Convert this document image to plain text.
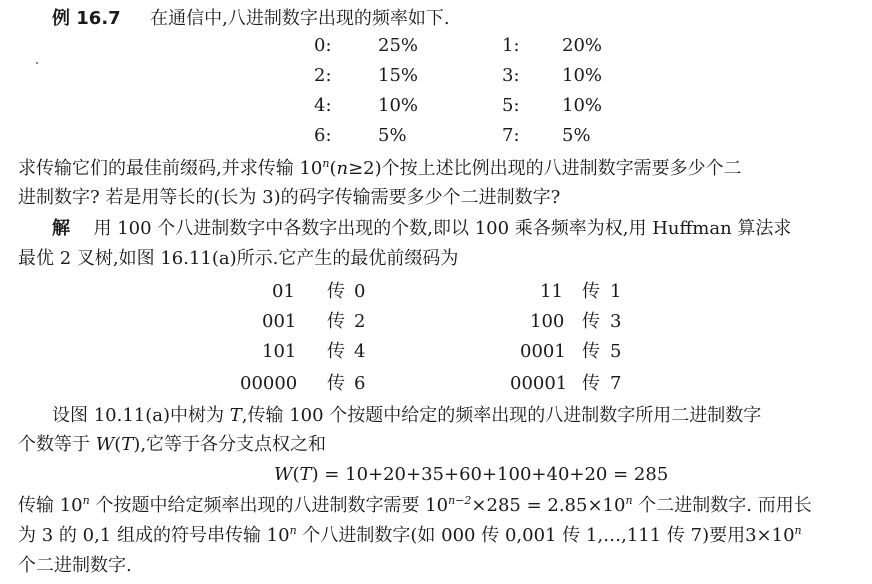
例 16.7 在通信中,八进制数字出现的频率如下.
0:	25%	1: 20%
2:	15%	3: 10%
4:	10%	5: 10%
6:	5%	7: 5%
求传输它们的最佳前缀码,并求传输 $10^n(n\ge 2)$个按上述比例出现的八进制数字需要多少个二
进制数字? 若是用等长的(长为 3)的码字传输需要多少个二进制数字?
解 用 100 个八进制数字中各数字出现的个数,即以 100 乘各频率为权,用 Huffman 算法求
最优 2 叉树,如图 16.11(a)所示.它产生的最优前缀码为
01 传 0	11 传 1
001 传 2	100 传 3
101 传 4	0001 传 5
00000 传 6	00001 传 7
设图 10.11(a)中树为 T,传输 100 个按题中给定的频率出现的八进制数字所用二进制数字
个数等于 W(T),它等于各分支点权之和
W(T) = 10+20+35+60+100+40+20 = 285
传输 10$^n$ 个按题中给定频率出现的八进制数字需要 $10^{n-2}\times 285 = 2.85\times 10^n$ 个二进制数字. 而用长
为 3 的 0,1 组成的符号串传输 10$^n$ 个八进制数字(如 000 传 0,001 传 1,…,111 传 7)要用$3\times 10^n$
个二进制数字.
